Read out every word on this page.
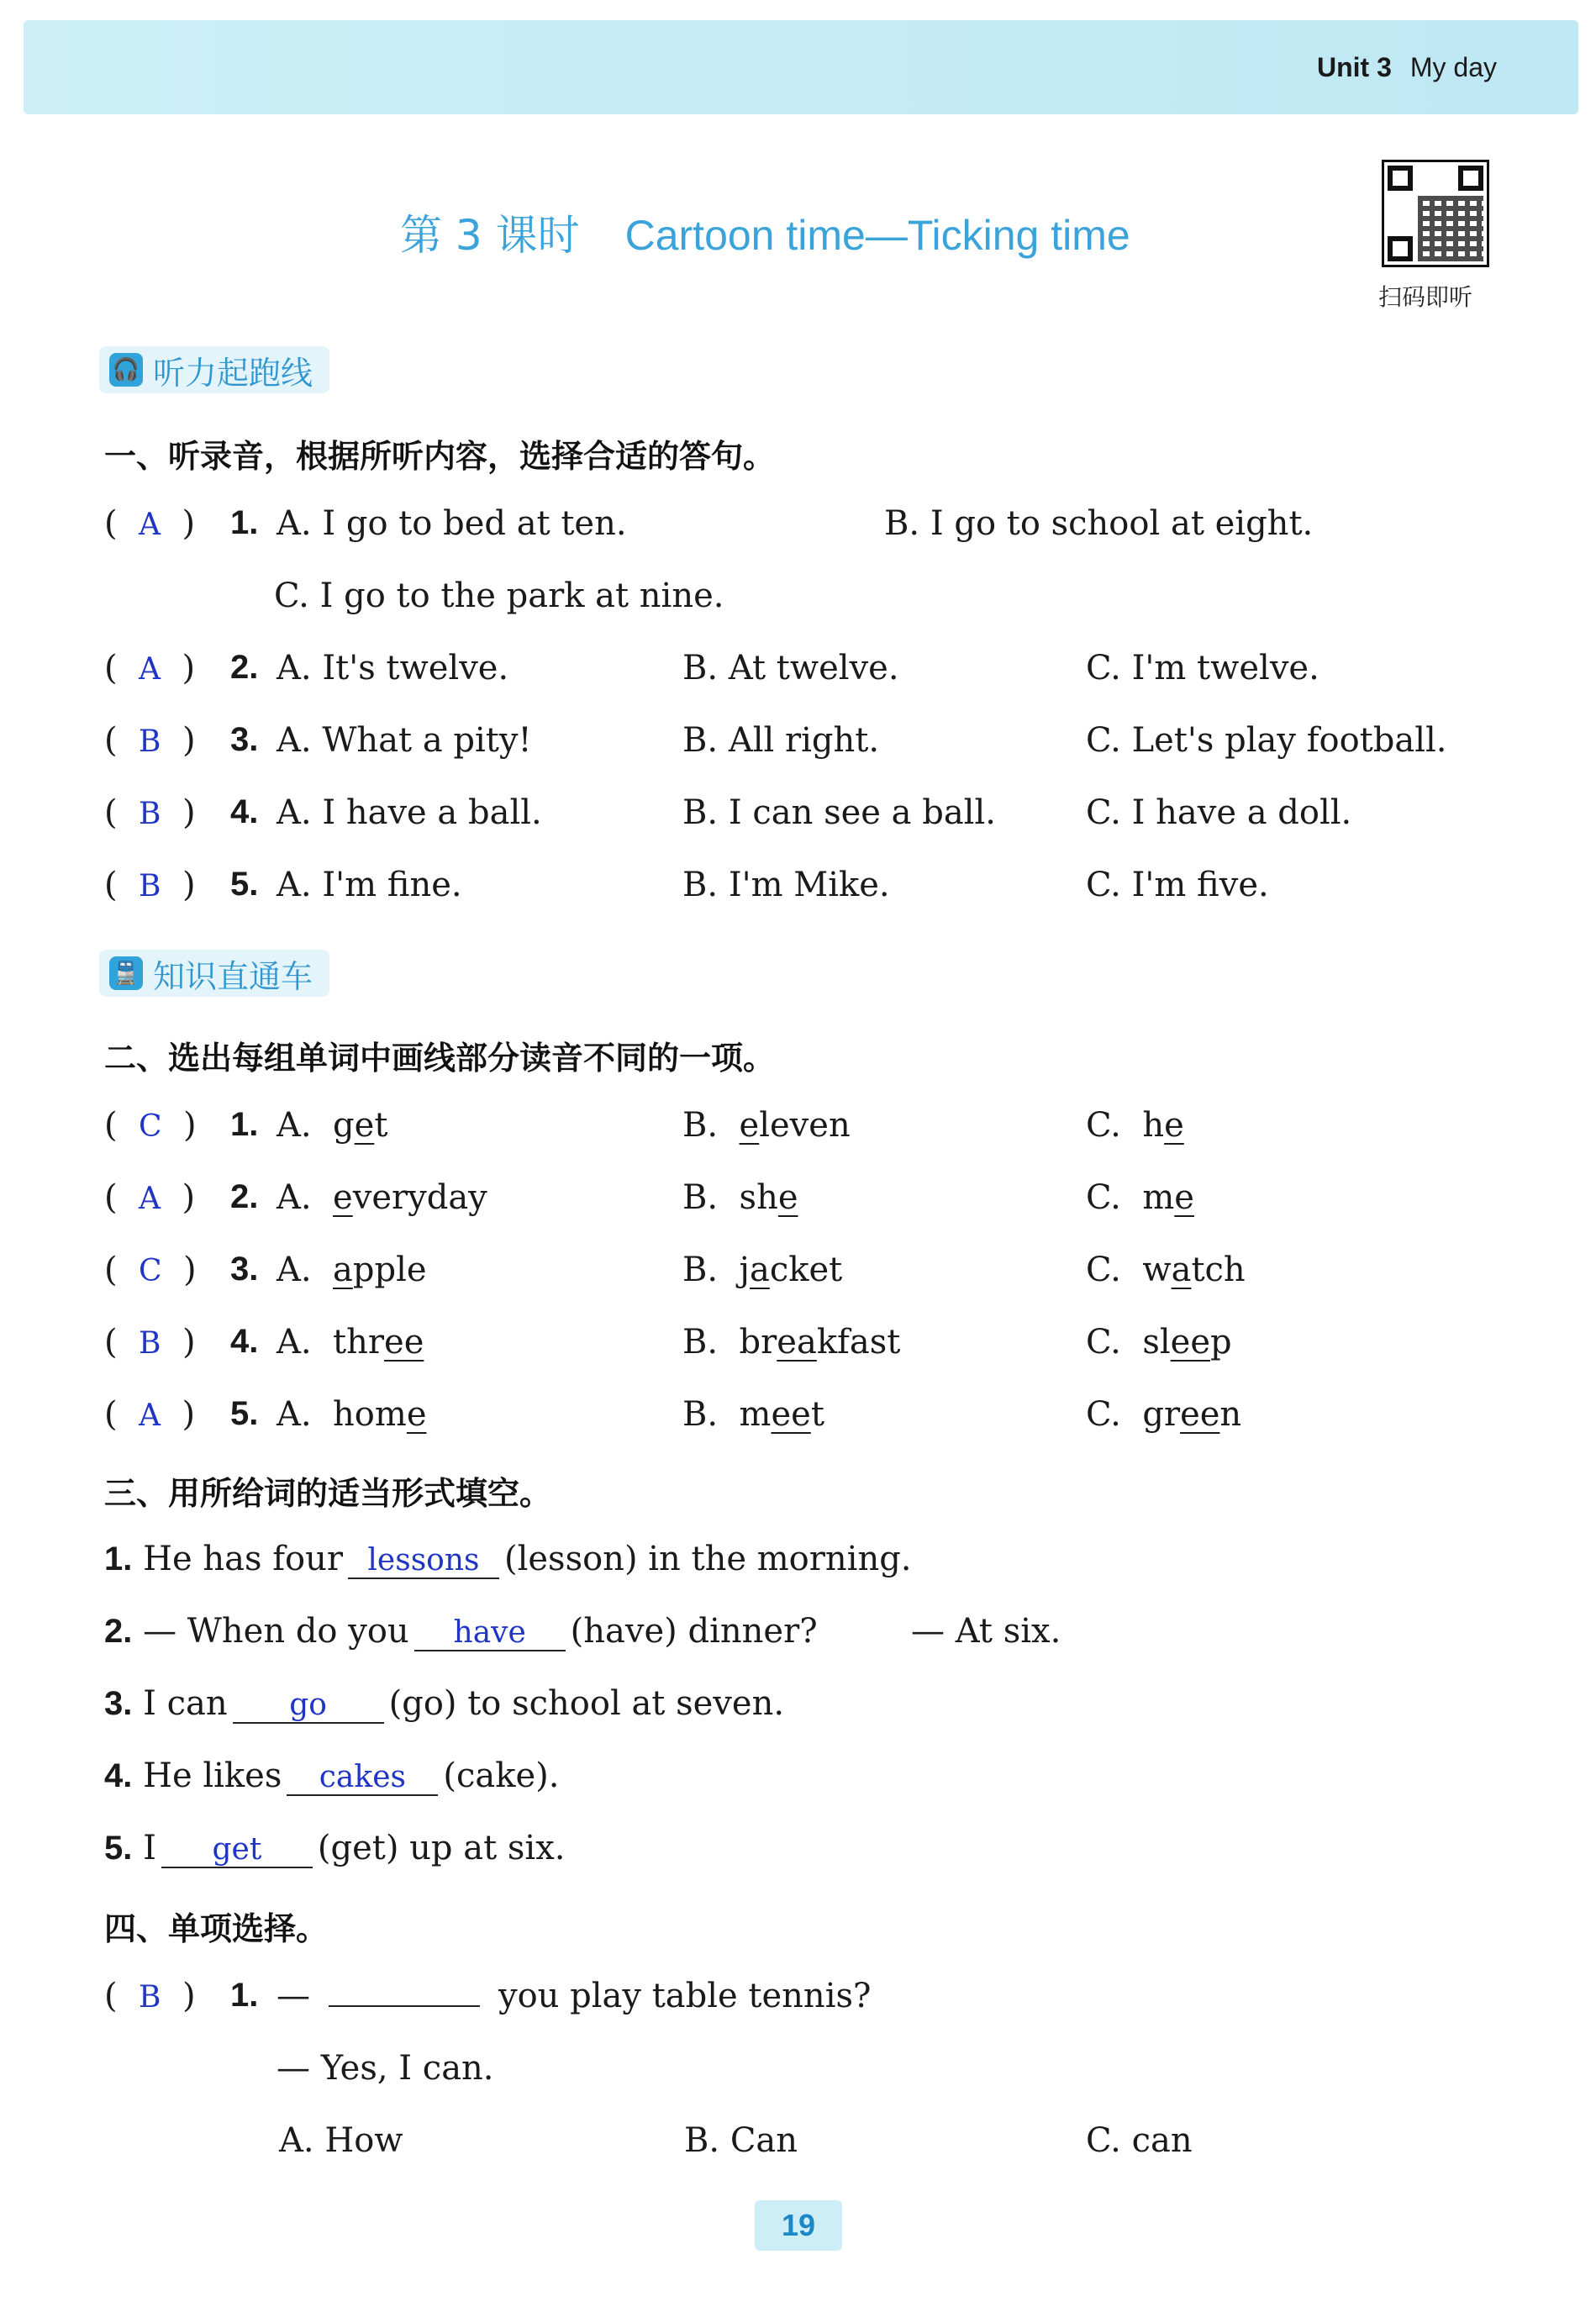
Unit 3 My day
第 3 课时 Cartoon time—Ticking time
扫码即听
🎧 听力起跑线
一、听录音，根据所听内容，选择合适的答句。
(  A  ) 1. A. I go to bed at ten.	B. I go to school at eight.
C. I go to the park at nine.
(  A  ) 2. A. It's twelve.	B. At twelve.	C. I'm twelve.
(  B  ) 3. A. What a pity!	B. All right.	C. Let's play football.
(  B  ) 4. A. I have a ball.	B. I can see a ball.	C. I have a doll.
(  B  ) 5. A. I'm fine.	B. I'm Mike.	C. I'm five.
🚆 知识直通车
二、选出每组单词中画线部分读音不同的一项。
(  C  ) 1. A. get	B. eleven	C. he
(  A  ) 2. A. everyday	B. she	C. me
(  C  ) 3. A. apple	B. jacket	C. watch
(  B  ) 4. A. three	B. breakfast	C. sleep
(  A  ) 5. A. home	B. meet	C. green
三、用所给词的适当形式填空。
1. He has four lessons (lesson) in the morning.
2. — When do you have (have) dinner?	— At six.
3. I can go (go) to school at seven.
4. He likes cakes (cake).
5. I get (get) up at six.
四、单项选择。
(  B  ) 1. —	you play table tennis?
— Yes, I can.
A. How	B. Can	C. can
19
